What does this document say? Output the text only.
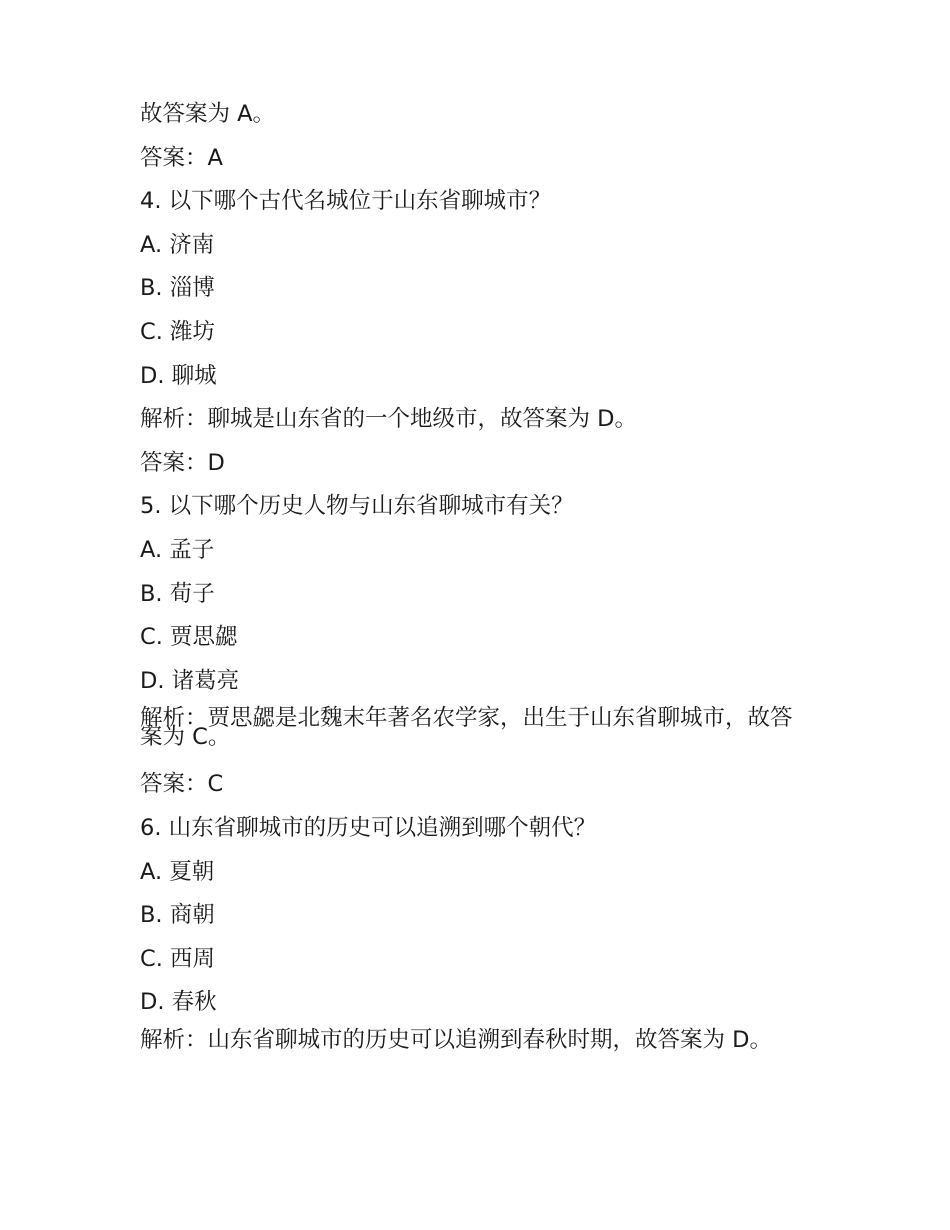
故答案为 A。
答案：A
4. 以下哪个古代名城位于山东省聊城市？
A. 济南
B. 淄博
C. 潍坊
D. 聊城
解析：聊城是山东省的一个地级市，故答案为 D。
答案：D
5. 以下哪个历史人物与山东省聊城市有关？
A. 孟子
B. 荀子
C. 贾思勰
D. 诸葛亮
解析：贾思勰是北魏末年著名农学家，出生于山东省聊城市，故答案为 C。
答案：C
6. 山东省聊城市的历史可以追溯到哪个朝代？
A. 夏朝
B. 商朝
C. 西周
D. 春秋
解析：山东省聊城市的历史可以追溯到春秋时期，故答案为 D。
